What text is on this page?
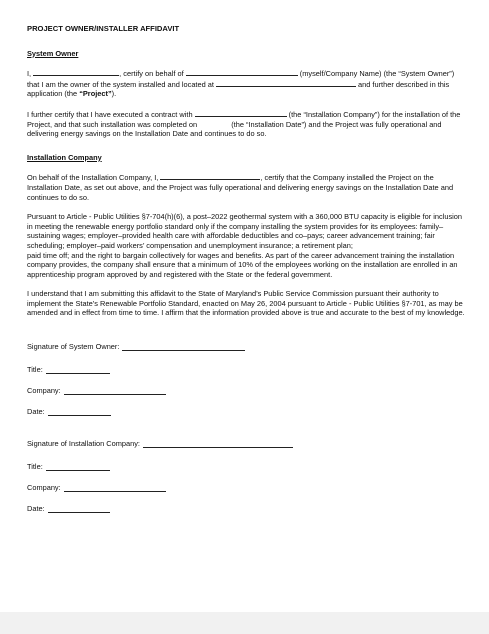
PROJECT OWNER/INSTALLER AFFIDAVIT
System Owner

I,	, certify on behalf of	(myself/Company Name) (the “System Owner”) that I am the owner of the system installed and located at	and further described in this application (the “Project”).

I further certify that I have executed a contract with	(the “Installation Company”) for the installation of the Project, and that such installation was completed on	(the “Installation Date”) and the Project was fully operational and delivering energy savings on the Installation Date and continues to do so.

Installation Company

On behalf of the Installation Company, I,	, certify that the Company installed the Project on the Installation Date, as set out above, and the Project was fully operational and delivering energy savings on the Installation Date and continues to do so.

Pursuant to Article - Public Utilities §7-704(h)(6), a post–2022 geothermal system with a 360,000 BTU capacity is eligible for inclusion in meeting the renewable energy portfolio standard only if the company installing the system provides for its employees: family–sustaining wages; employer–provided health care with affordable deductibles and co–pays; career advancement training; fair scheduling; employer–paid workers’ compensation and unemployment insurance; a retirement plan;

paid time off; and the right to bargain collectively for wages and benefits. As part of the career advancement training the installation company provides, the company shall ensure that a minimum of 10% of the employees working on the installation are enrolled in an apprenticeship program approved by and registered with the State or the federal government.

I understand that I am submitting this affidavit to the State of Maryland’s Public Service Commission pursuant their authority to implement the State’s Renewable Portfolio Standard, enacted on May 26, 2004 pursuant to Article - Public Utilities §7-701, as may be amended and in effect from time to time. I affirm that the information provided above is true and accurate to the best of my knowledge.

Signature of System Owner:
Title:
Company:
Date:
Signature of Installation Company:
Title:
Company:
Date:
